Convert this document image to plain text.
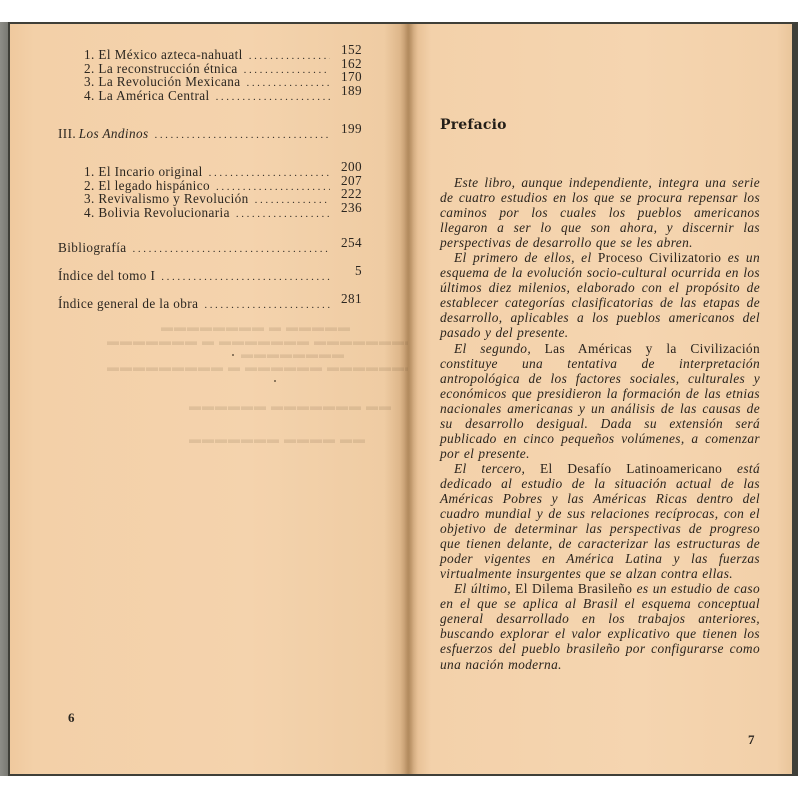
▬▬▬▬▬ ▬ ▬▬▬▬▬▬▬▬
▬▬▬▬▬▬▬▬ ▬▬▬▬▬▬▬ ▬ ▬▬▬▬▬▬▬
▬▬▬▬▬▬▬▬
▬▬▬▬▬▬▬▬ ▬▬▬▬▬▬ ▬ ▬▬▬▬▬▬▬▬▬
▬▬ ▬▬▬▬▬▬▬ ▬▬▬▬▬▬
▬▬ ▬▬▬▬ ▬▬▬▬▬▬▬
1. El México azteca-nahuatl .....	152
2. La reconstrucción étnica .....	162
3. La Revolución Mexicana .....	170
4. La América Central .....	189
III. Los Andinos .....	199
1. El Incario original .....	200
2. El legado hispánico .....	207
3. Revivalismo y Revolución .....	222
4. Bolivia Revolucionaria .....	236
Bibliografía .....	254
Índice del tomo I .....	5
Índice general de la obra .....	281
6
Prefacio

Este libro, aunque independiente, integra una serie de cuatro estudios en los que se procura repensar los caminos por los cuales los pueblos americanos llegaron a ser lo que son ahora, y discernir las perspectivas de desarrollo que se les abren.

El primero de ellos, el Proceso Civilizatorio es un esquema de la evolución socio-cultural ocurrida en los últimos diez milenios, elaborado con el propósito de establecer categorías clasificatorias de las etapas de desarrollo, aplicables a los pueblos americanos del pasado y del presente.

El segundo, Las Américas y la Civilización constituye una tentativa de interpretación antropológica de los factores sociales, culturales y económicos que presidieron la formación de las etnias nacionales americanas y un análisis de las causas de su desarrollo desigual. Dada su extensión será publicado en cinco pequeños volúmenes, a comenzar por el presente.

El tercero, El Desafío Latinoamericano está dedicado al estudio de la situación actual de las Américas Pobres y las Américas Ricas dentro del cuadro mundial y de sus relaciones recíprocas, con el objetivo de determinar las perspectivas de progreso que tienen delante, de caracterizar las estructuras de poder vigentes en América Latina y las fuerzas virtualmente insurgentes que se alzan contra ellas.

El último, El Dilema Brasileño es un estudio de caso en el que se aplica al Brasil el esquema conceptual general desarrollado en los trabajos anteriores, buscando explorar el valor explicativo que tienen los esfuerzos del pueblo brasileño por configurarse como una nación moderna.

7
